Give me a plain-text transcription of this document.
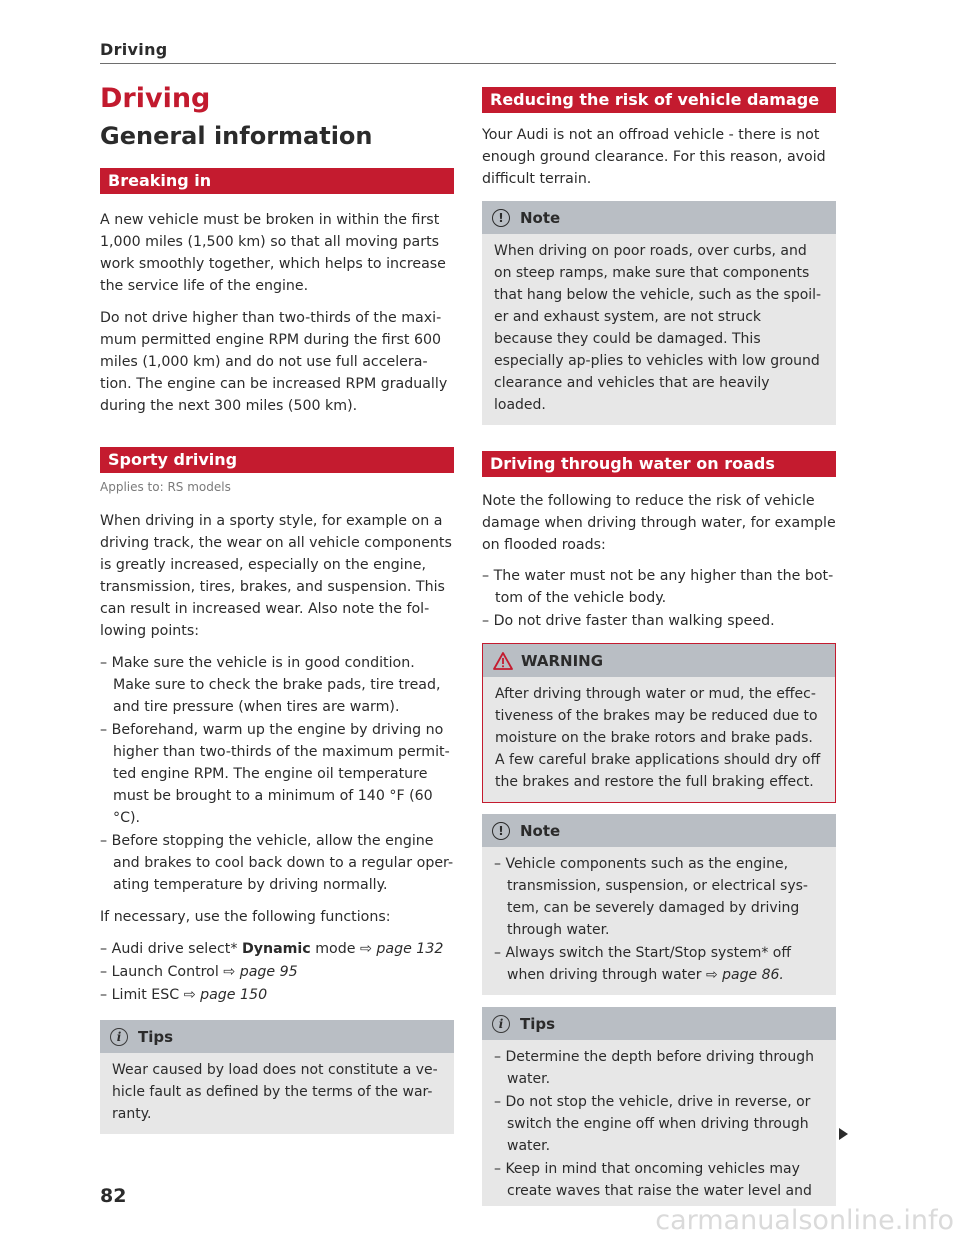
Driving
Driving
General information
Breaking in

A new vehicle must be broken in within the first 1,000 miles (1,500 km) so that all moving parts work smoothly together, which helps to increase the service life of the engine.

Do not drive higher than two-thirds of the maxi-mum permitted engine RPM during the first 600 miles (1,000 km) and do not use full accelera-tion. The engine can be increased RPM gradually during the next 300 miles (500 km).

Sporty driving

Applies to: RS models

When driving in a sporty style, for example on a driving track, the wear on all vehicle components is greatly increased, especially on the engine, transmission, tires, brakes, and suspension. This can result in increased wear. Also note the fol-lowing points:

– Make sure the vehicle is in good condition. Make sure to check the brake pads, tire tread, and tire pressure (when tires are warm).
– Beforehand, warm up the engine by driving no higher than two-thirds of the maximum permit-ted engine RPM. The engine oil temperature must be brought to a minimum of 140 °F (60 °C).
– Before stopping the vehicle, allow the engine and brakes to cool back down to a regular oper-ating temperature by driving normally.

If necessary, use the following functions:

– Audi drive select* Dynamic mode ⇨ page 132
– Launch Control ⇨ page 95
– Limit ESC ⇨ page 150
i	Tips

Wear caused by load does not constitute a ve-hicle fault as defined by the terms of the war-ranty.

Reducing the risk of vehicle damage

Your Audi is not an offroad vehicle - there is not enough ground clearance. For this reason, avoid difficult terrain.

!	Note

When driving on poor roads, over curbs, and on steep ramps, make sure that components that hang below the vehicle, such as the spoil-er and exhaust system, are not struck because they could be damaged. This especially ap-plies to vehicles with low ground clearance and vehicles that are heavily loaded.

Driving through water on roads

Note the following to reduce the risk of vehicle damage when driving through water, for example on flooded roads:

– The water must not be any higher than the bot-tom of the vehicle body.
– Do not drive faster than walking speed.
WARNING

After driving through water or mud, the effec-tiveness of the brakes may be reduced due to moisture on the brake rotors and brake pads. A few careful brake applications should dry off the brakes and restore the full braking effect.

!	Note
– Vehicle components such as the engine, transmission, suspension, or electrical sys-tem, can be severely damaged by driving through water.
– Always switch the Start/Stop system* off when driving through water ⇨ page 86.
i	Tips
– Determine the depth before driving through water.
– Do not stop the vehicle, drive in reverse, or switch the engine off when driving through water.
– Keep in mind that oncoming vehicles may create waves that raise the water level and
82
carmanualsonline.info
